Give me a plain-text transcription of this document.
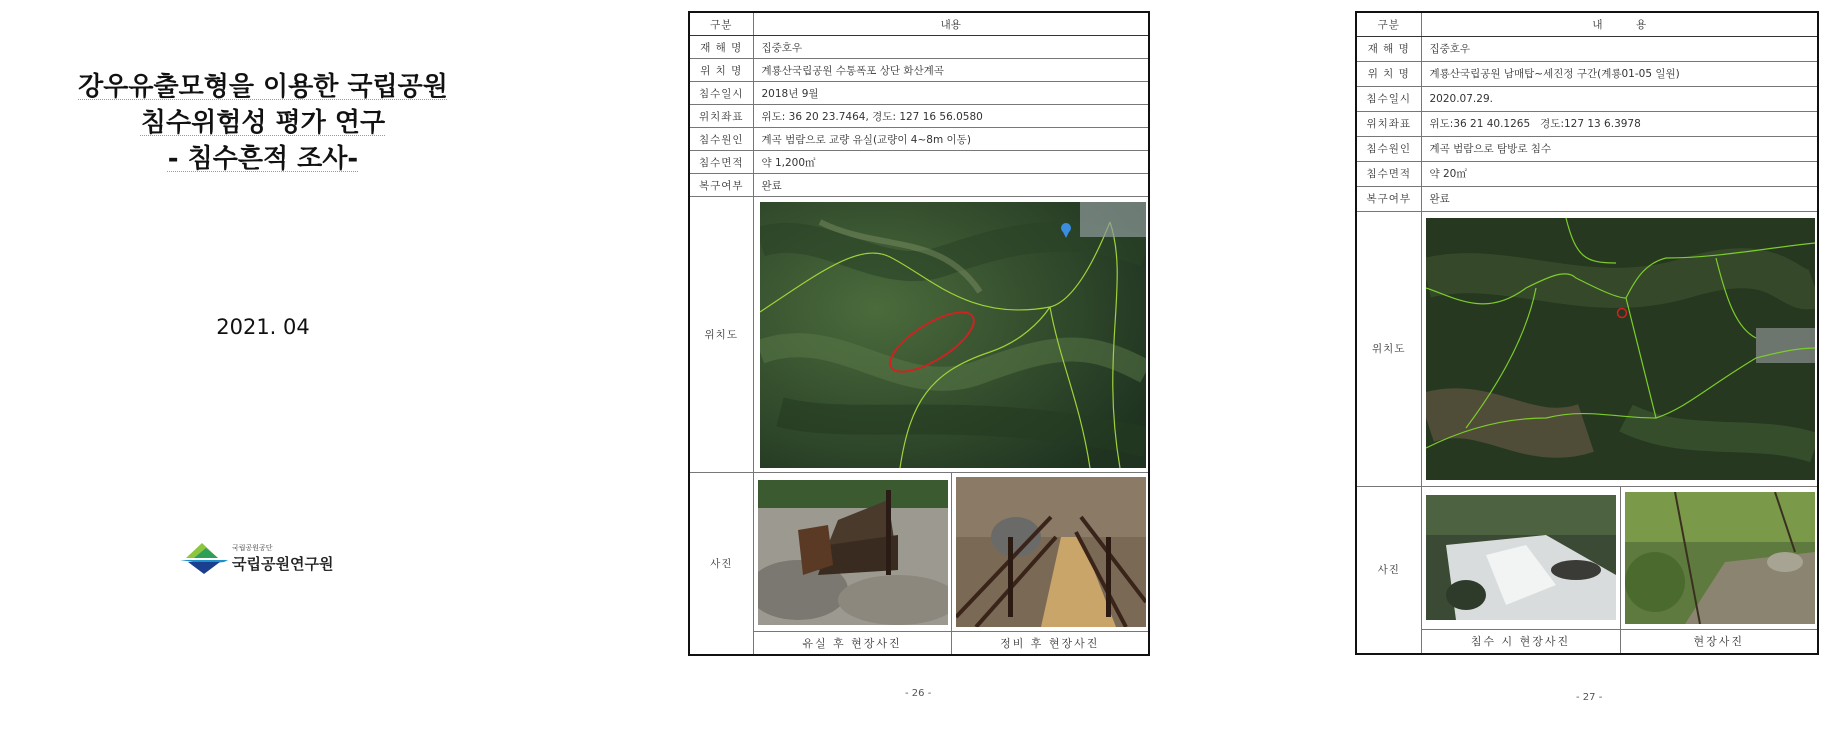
강우유출모형을 이용한 국립공원
침수위험성 평가 연구
- 침수흔적 조사-
2021. 04
국립공원공단
국립공원연구원
구분	내용	
재 해 명	집중호우	
위 치 명	계룡산국립공원 수통폭포 상단 화산계곡	
침수일시	2018년 9월	
위치좌표	위도: 36 20 23.7464, 경도: 127 16 56.0580	
침수원인	계곡 범람으로 교량 유실(교량이 4~8m 이동)	
침수면적	약 1,200㎡	
복구여부	완료	
위치도	

사진	

	유실 후 현장사진	정비 후 현장사진
- 26 -
구분	내          용	
재 해 명	집중호우	
위 치 명	계룡산국립공원 남매탑~세진정 구간(계룡01-05 일원)	
침수일시	2020.07.29.	
위치좌표	위도:36 21 40.1265   경도:127 13 6.3978	
침수원인	계곡 범람으로 탐방로 침수	
침수면적	약 20㎡	
복구여부	완료	
위치도	

사진	

	침수 시 현장사진	현장사진
- 27 -
